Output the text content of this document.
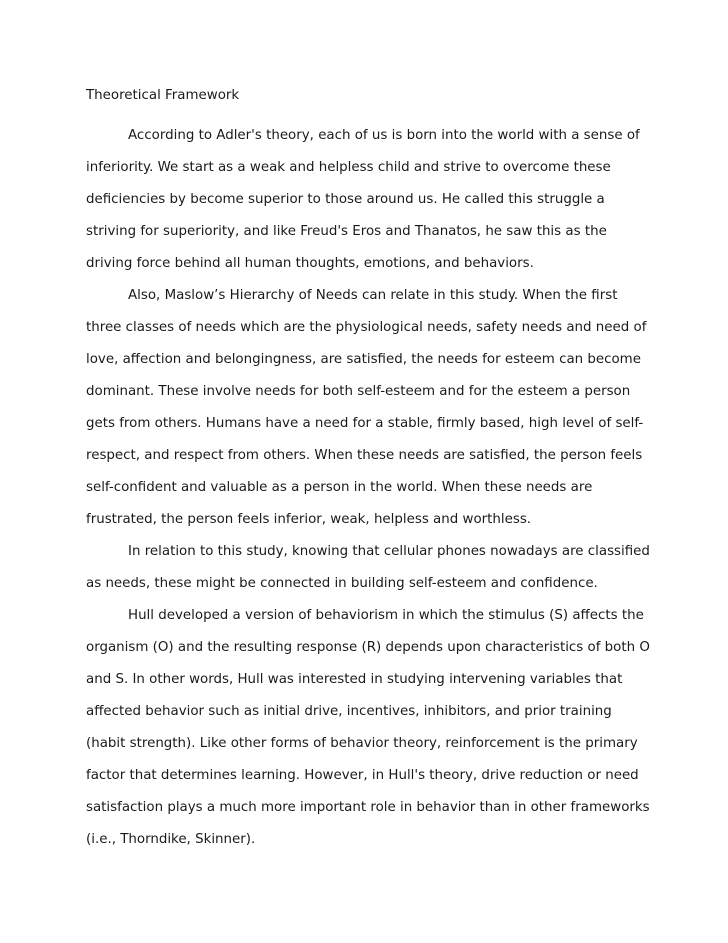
Theoretical Framework
According to Adler's theory, each of us is born into the world with a sense of
inferiority. We start as a weak and helpless child and strive to overcome these
deficiencies by become superior to those around us. He called this struggle a
striving for superiority, and like Freud's Eros and Thanatos, he saw this as the
driving force behind all human thoughts, emotions, and behaviors.
Also, Maslow’s Hierarchy of Needs can relate in this study. When the first
three classes of needs which are the physiological needs, safety needs and need of
love, affection and belongingness, are satisfied, the needs for esteem can become
dominant. These involve needs for both self-esteem and for the esteem a person
gets from others. Humans have a need for a stable, firmly based, high level of self-
respect, and respect from others. When these needs are satisfied, the person feels
self-confident and valuable as a person in the world. When these needs are
frustrated, the person feels inferior, weak, helpless and worthless.
In relation to this study, knowing that cellular phones nowadays are classified
as needs, these might be connected in building self-esteem and confidence.
Hull developed a version of behaviorism in which the stimulus (S) affects the
organism (O) and the resulting response (R) depends upon characteristics of both O
and S. In other words, Hull was interested in studying intervening variables that
affected behavior such as initial drive, incentives, inhibitors, and prior training
(habit strength). Like other forms of behavior theory, reinforcement is the primary
factor that determines learning. However, in Hull's theory, drive reduction or need
satisfaction plays a much more important role in behavior than in other frameworks
(i.e., Thorndike, Skinner).
